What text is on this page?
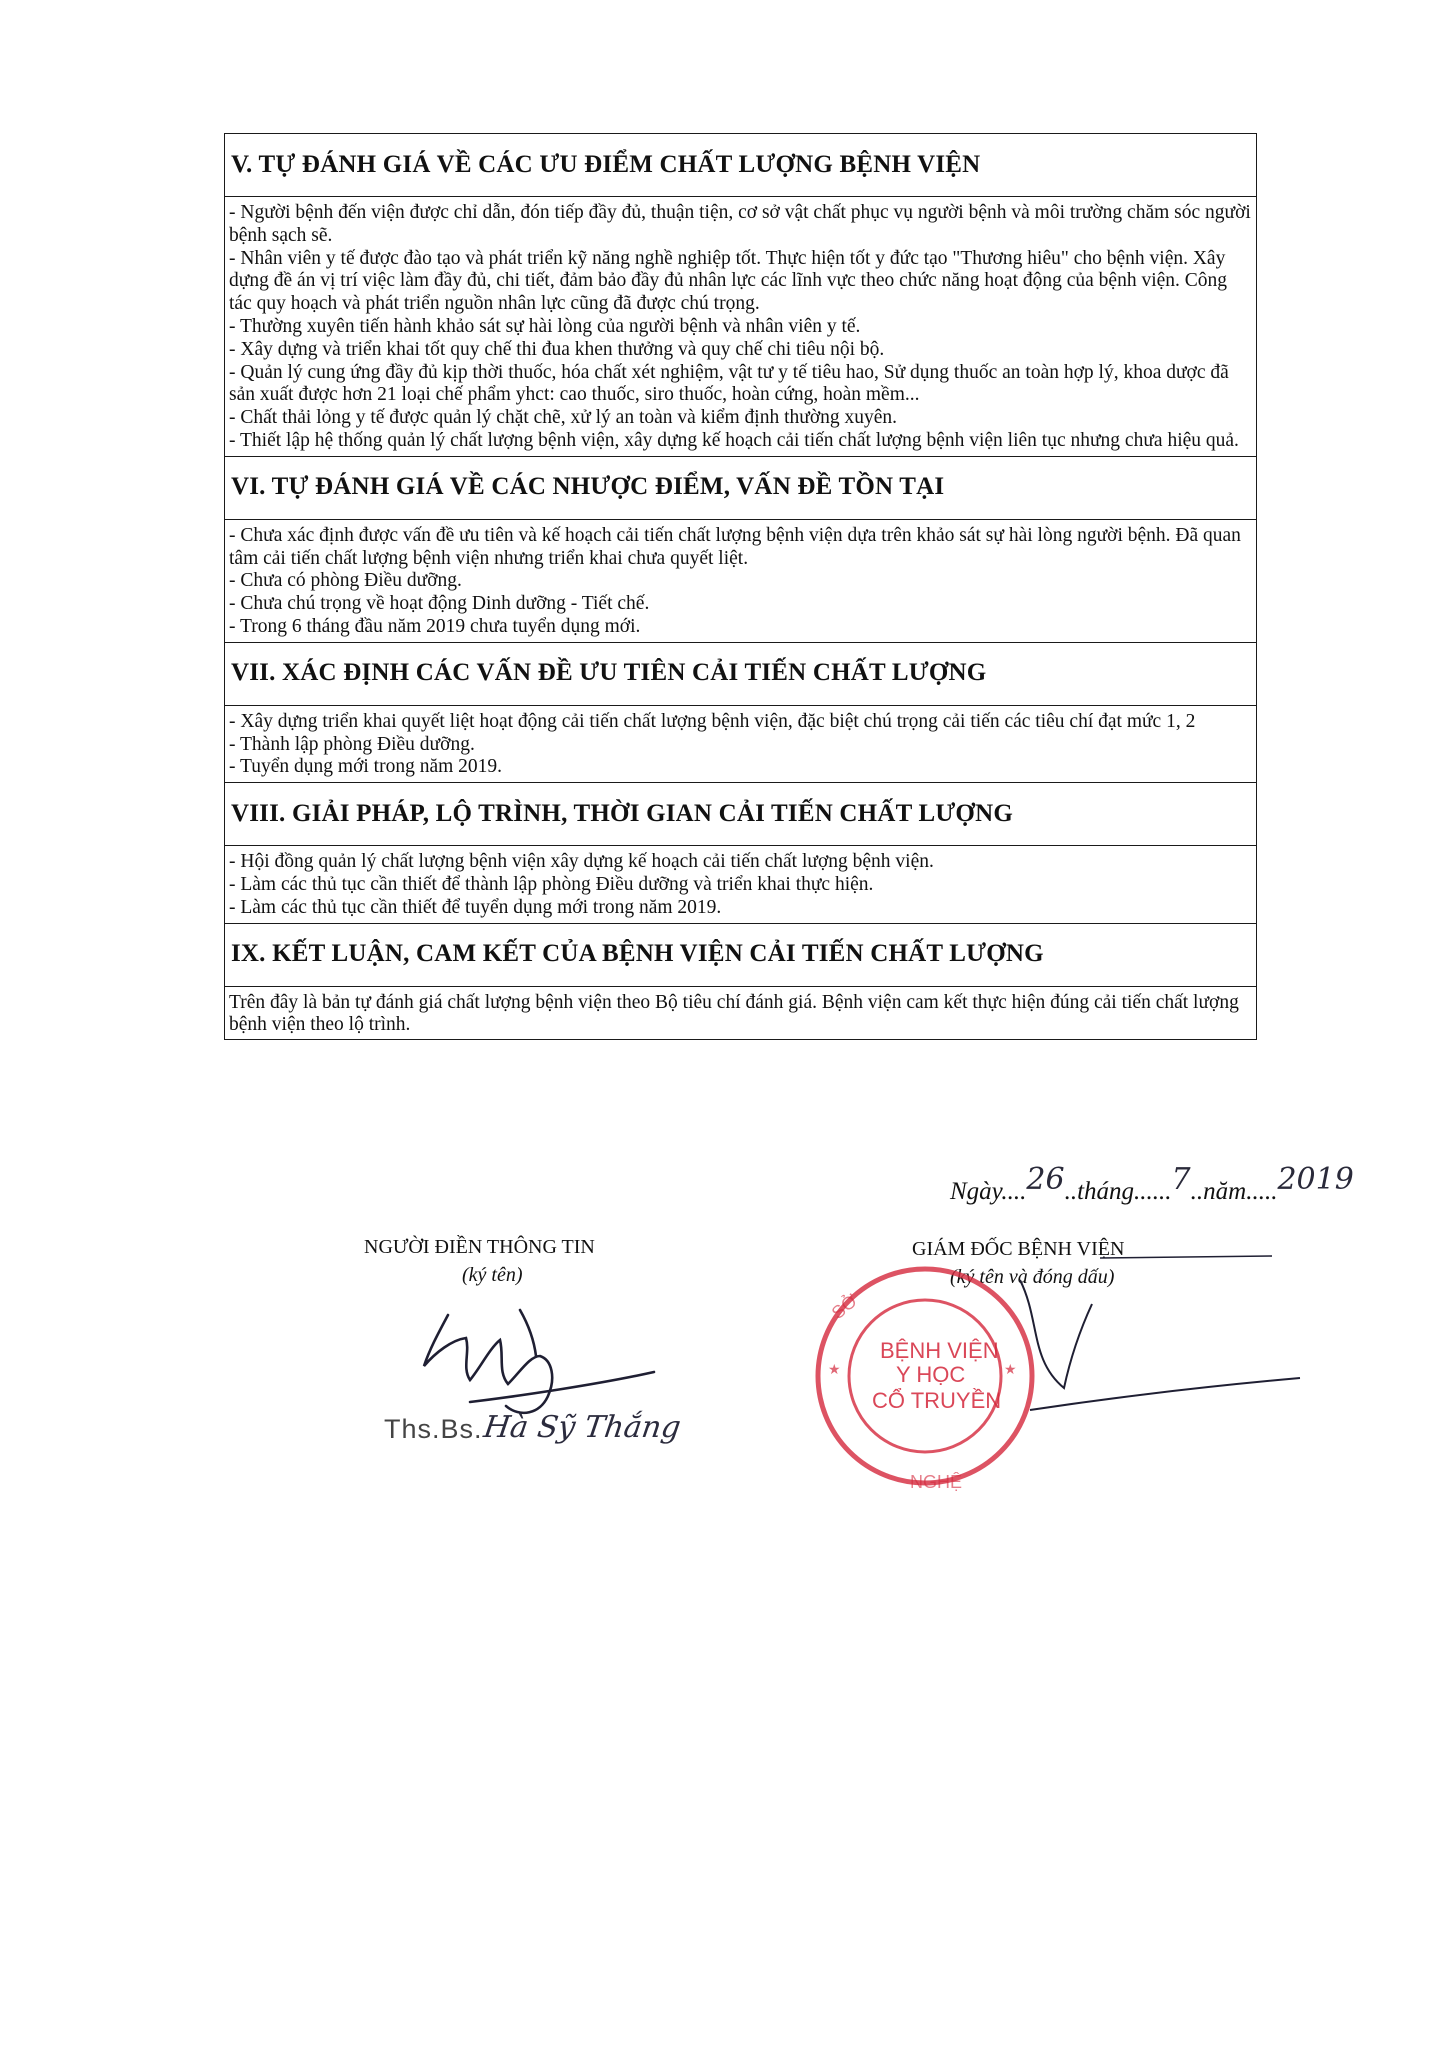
V. TỰ ĐÁNH GIÁ VỀ CÁC ƯU ĐIỂM CHẤT LƯỢNG BỆNH VIỆN

- Người bệnh đến viện được chỉ dẫn, đón tiếp đầy đủ, thuận tiện, cơ sở vật chất phục vụ người bệnh và môi trường chăm sóc người bệnh sạch sẽ.

- Nhân viên y tế được đào tạo và phát triển kỹ năng nghề nghiệp tốt. Thực hiện tốt y đức tạo "Thương hiêu" cho bệnh viện. Xây dựng đề án vị trí việc làm đầy đủ, chi tiết, đảm bảo đầy đủ nhân lực các lĩnh vực theo chức năng hoạt động của bệnh viện. Công tác quy hoạch và phát triển nguồn nhân lực cũng đã được chú trọng.

- Thường xuyên tiến hành khảo sát sự hài lòng của người bệnh và nhân viên y tế.

- Xây dựng và triển khai tốt quy chế thi đua khen thưởng và quy chế chi tiêu nội bộ.

- Quản lý cung ứng đầy đủ kịp thời thuốc, hóa chất xét nghiệm, vật tư y tế tiêu hao, Sử dụng thuốc an toàn hợp lý, khoa dược đã sản xuất được hơn 21 loại chế phẩm yhct: cao thuốc, siro thuốc, hoàn cứng, hoàn mềm...

- Chất thải lỏng y tế được quản lý chặt chẽ, xử lý an toàn và kiểm định thường xuyên.

- Thiết lập hệ thống quản lý chất lượng bệnh viện, xây dựng kế hoạch cải tiến chất lượng bệnh viện liên tục nhưng chưa hiệu quả.

VI. TỰ ĐÁNH GIÁ VỀ CÁC NHƯỢC ĐIỂM, VẤN ĐỀ TỒN TẠI

- Chưa xác định được vấn đề ưu tiên và kế hoạch cải tiến chất lượng bệnh viện dựa trên khảo sát sự hài lòng người bệnh. Đã quan tâm cải tiến chất lượng bệnh viện nhưng triển khai chưa quyết liệt.

- Chưa có phòng Điều dưỡng.

- Chưa chú trọng về hoạt động Dinh dưỡng - Tiết chế.

- Trong 6 tháng đầu năm 2019 chưa tuyển dụng mới.

VII. XÁC ĐỊNH CÁC VẤN ĐỀ ƯU TIÊN CẢI TIẾN CHẤT LƯỢNG

- Xây dựng triển khai quyết liệt hoạt động cải tiến chất lượng bệnh viện, đặc biệt chú trọng cải tiến các tiêu chí đạt mức 1, 2

- Thành lập phòng Điều dưỡng.

- Tuyển dụng mới trong năm 2019.

VIII. GIẢI PHÁP, LỘ TRÌNH, THỜI GIAN CẢI TIẾN CHẤT LƯỢNG

- Hội đồng quản lý chất lượng bệnh viện xây dựng kế hoạch cải tiến chất lượng bệnh viện.

- Làm các thủ tục cần thiết để thành lập phòng Điều dưỡng và triển khai thực hiện.

- Làm các thủ tục cần thiết để tuyển dụng mới trong năm 2019.

IX. KẾT LUẬN, CAM KẾT CỦA BỆNH VIỆN CẢI TIẾN CHẤT LƯỢNG

Trên đây là bản tự đánh giá chất lượng bệnh viện theo Bộ tiêu chí đánh giá. Bệnh viện cam kết thực hiện đúng cải tiến chất lượng bệnh viện theo lộ trình.

Ngày....26..tháng......7..năm.....2019
NGƯỜI ĐIỀN THÔNG TIN
(ký tên)
GIÁM ĐỐC BỆNH VIỆN
(ký tên và đóng dấu)
BỆNH VIỆN
Y HỌC
CỔ TRUYỀN
SỞ
NGHỆ
★	★
Ths.Bs. Hà Sỹ Thắng
